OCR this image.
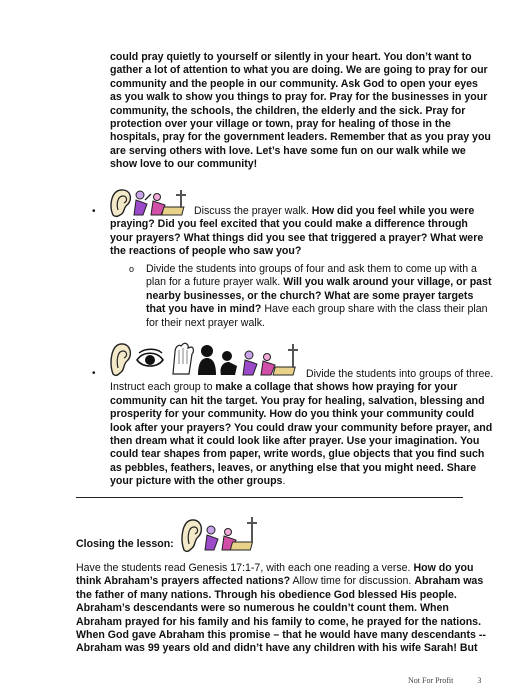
could pray quietly to yourself or silently in your heart. You don’t want to gather a lot of attention to what you are doing. We are going to pray for our community and the people in our community. Ask God to open your eyes as you walk to show you things to pray for. Pray for the businesses in your community, the schools, the children, the elderly and the sick. Pray for protection over your village or town, pray for healing of those in the hospitals, pray for the government leaders. Remember that as you pray you are serving others with love. Let’s have some fun on our walk while we show love to our community!
•	Discuss the prayer walk. How did you feel while you were praying? Did you feel excited that you could make a difference through your prayers? What things did you see that triggered a prayer? What were the reactions of people who saw you?
o Divide the students into groups of four and ask them to come up with a plan for a future prayer walk. Will you walk around your village, or past nearby businesses, or the church? What are some prayer targets that you have in mind? Have each group share with the class their plan for their next prayer walk.
•	Divide the students into groups of three. Instruct each group to make a collage that shows how praying for your community can hit the target. You pray for healing, salvation, blessing and prosperity for your community. How do you think your community could look after your prayers? You could draw your community before prayer, and then dream what it could look like after prayer. Use your imagination. You could tear shapes from paper, write words, glue objects that you find such as pebbles, feathers, leaves, or anything else that you might need. Share your picture with the other groups.
Closing the lesson:
Have the students read Genesis 17:1-7, with each one reading a verse. How do you think Abraham’s prayers affected nations? Allow time for discussion. Abraham was the father of many nations. Through his obedience God blessed His people. Abraham’s descendants were so numerous he couldn’t count them. When Abraham prayed for his family and his family to come, he prayed for the nations. When God gave Abraham this promise – that he would have many descendants -- Abraham was 99 years old and didn’t have any children with his wife Sarah! But
Not For Profit	3
